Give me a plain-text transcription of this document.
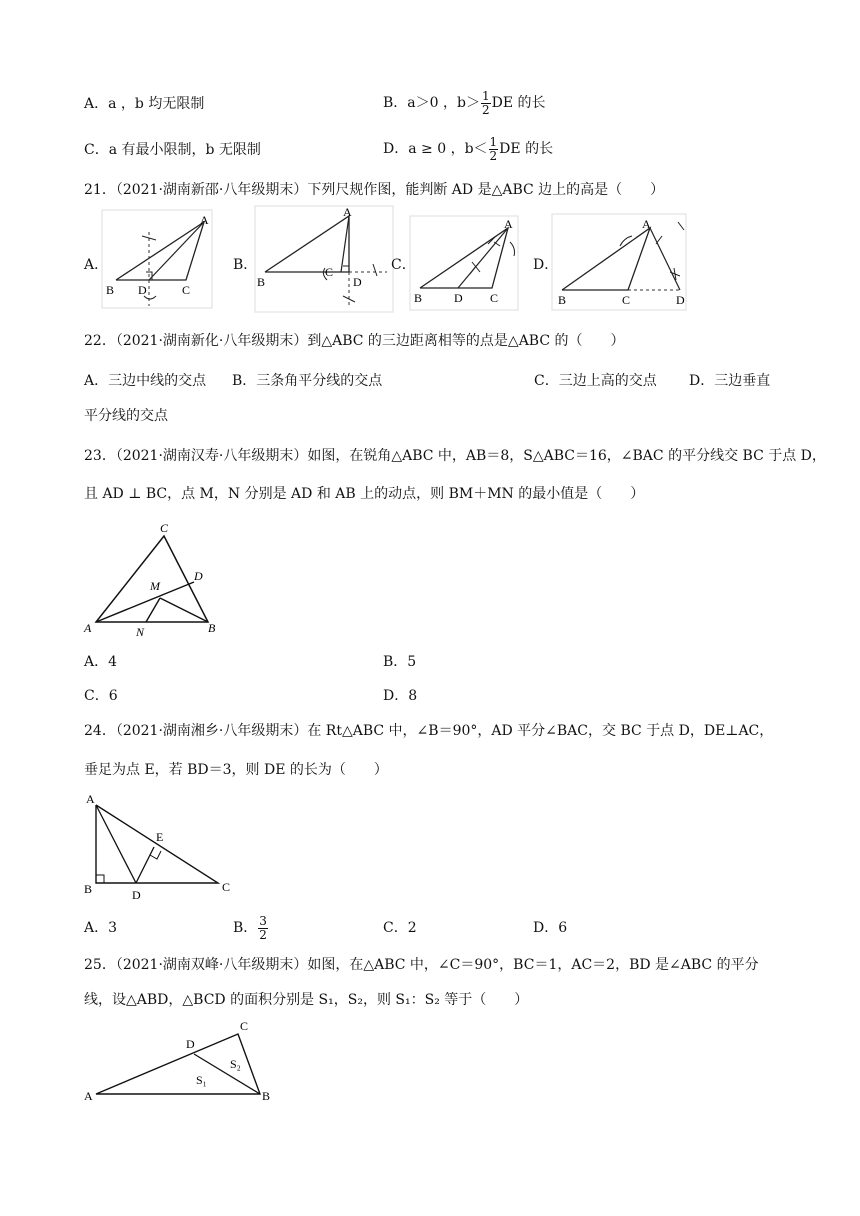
A．a ，b 均无限制	B．a＞0 ，$b> \frac{1}{2}$ DE 的长
C．a 有最小限制，b 无限制	D．a ≥ 0 ，$b< \frac{1}{2}$ DE 的长
21．（2021·湖南新邵·八年级期末）下列尺规作图，能判断 AD 是△ABC 边上的高是（　　）
A．
A
B D	C
B．
A
B
C
D
C．
A
B	D C
D．
A
B	C	D
22．（2021·湖南新化·八年级期末）到△ABC 的三边距离相等的点是△ABC 的（　　）
A．三边中线的交点 B．三条角平分线的交点	C．三边上高的交点 D．三边垂直
平分线的交点
23．（2021·湖南汉寿·八年级期末）如图，在锐角△ABC 中，AB＝8，S△ABC＝16，∠BAC 的平分线交 BC 于点 D，
且 AD ⊥ BC，点 M，N 分别是 AD 和 AB 上的动点，则 BM＋MN 的最小值是（　　）
A	B
C
D
M
N
A．4	B．5
C．6	D．8
24．（2021·湖南湘乡·八年级期末）在 Rt△ABC 中，∠B＝90°，AD 平分∠BAC，交 BC 于点 D，DE⊥AC，
垂足为点 E，若 BD＝3，则 DE 的长为（　　）
A
B	C
D
E
A．3	B． $\frac{3}{2}$	C．2	D．6
25．（2021·湖南双峰·八年级期末）如图，在△ABC 中，∠C＝90°，BC＝1，AC＝2，BD 是∠ABC 的平分
线，设△ABD，△BCD 的面积分别是 S₁，S₂，则 S₁：S₂ 等于（　　）
A	B
C
D
S₁
S₂
